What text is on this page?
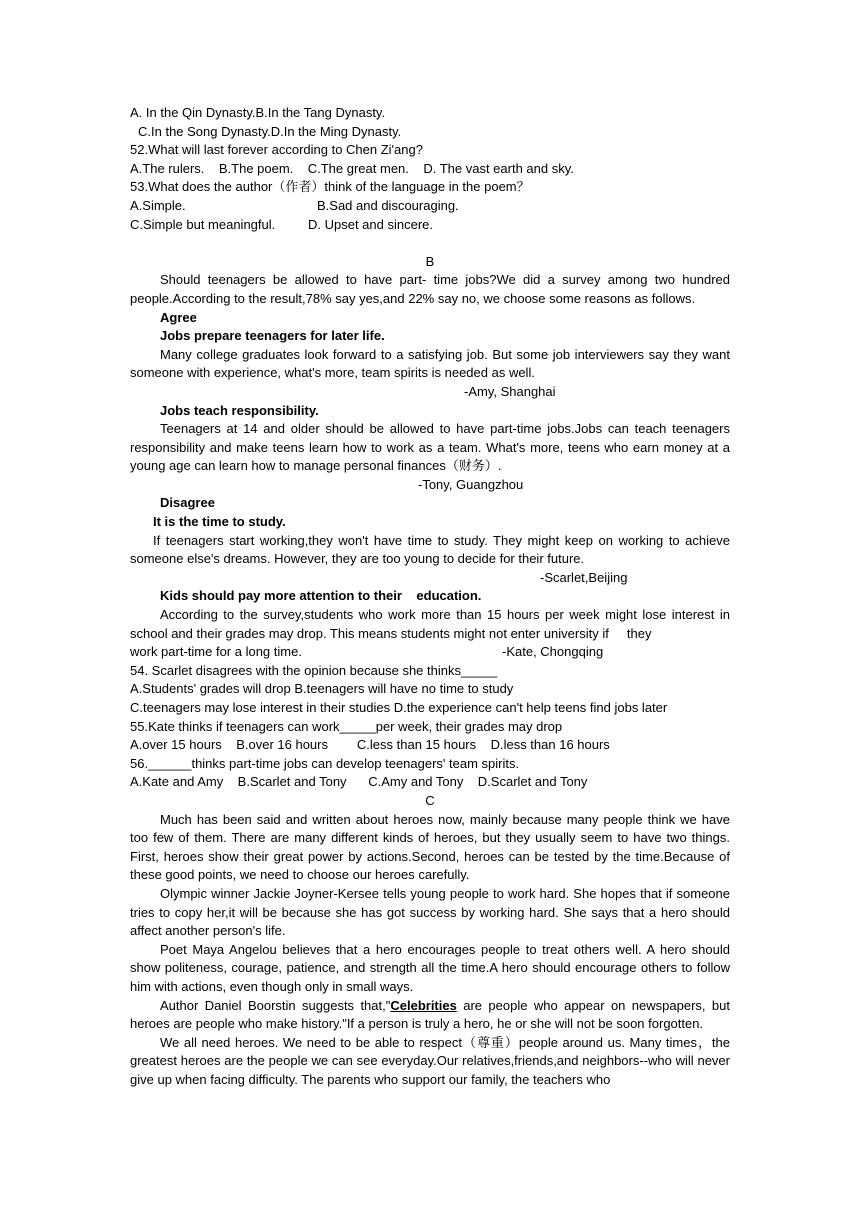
A. In the Qin Dynasty.B.In the Tang Dynasty.
C.In the Song Dynasty.D.In the Ming Dynasty.
52.What will last forever according to Chen Zi'ang?
A.The rulers.    B.The poem.    C.The great men.    D. The vast earth and sky.
53.What does the author（作者）think of the language in the poem？
A.Simple.	B.Sad and discouraging.
C.Simple but meaningful.	D. Upset and sincere.
B
Should teenagers be allowed to have part- time jobs?We did a survey among two hundred people.According to the result,78% say yes,and 22% say no, we choose some reasons as follows.
Agree
Jobs prepare teenagers for later life.
Many college graduates look forward to a satisfying job. But some job interviewers say they want someone with experience, what's more, team spirits is needed as well.
-Amy, Shanghai
Jobs teach responsibility.
Teenagers at 14 and older should be allowed to have part-time jobs.Jobs can teach teenagers responsibility and make teens learn how to work as a team. What's more, teens who earn money at a young age can learn how to manage personal finances（财务）.
-Tony, Guangzhou
Disagree
It is the time to study.
If teenagers start working,they won't have time to study. They might keep on working to achieve someone else's dreams. However, they are too young to decide for their future.
-Scarlet,Beijing
Kids should pay more attention to their    education.
According to the survey,students who work more than 15 hours per week might lose interest in school and their grades may drop. This means students might not enter university if     they
work part-time for a long time.	-Kate, Chongqing
54. Scarlet disagrees with the opinion because she thinks_____
A.Students' grades will drop B.teenagers will have no time to study
C.teenagers may lose interest in their studies D.the experience can't help teens find jobs later
55.Kate thinks if teenagers can work_____per week, their grades may drop
A.over 15 hours    B.over 16 hours        C.less than 15 hours    D.less than 16 hours
56.______thinks part-time jobs can develop teenagers' team spirits.
A.Kate and Amy    B.Scarlet and Tony      C.Amy and Tony    D.Scarlet and Tony
C
Much has been said and written about heroes now, mainly because many people think we have too few of them. There are many different kinds of heroes, but they usually seem to have two things. First, heroes show their great power by actions.Second, heroes can be tested by the time.Because of these good points, we need to choose our heroes carefully.
Olympic winner Jackie Joyner-Kersee tells young people to work hard. She hopes that if someone tries to copy her,it will be because she has got success by working hard. She says that a hero should affect another person's life.
Poet Maya Angelou believes that a hero encourages people to treat others well. A hero should show politeness, courage, patience, and strength all the time.A hero should encourage others to follow him with actions, even though only in small ways.
Author Daniel Boorstin suggests that,"Celebrities are people who appear on newspapers, but heroes are people who make history."If a person is truly a hero, he or she will not be soon forgotten.
We all need heroes. We need to be able to respect（尊重）people around us. Many times，the greatest heroes are the people we can see everyday.Our relatives,friends,and neighbors--who will never give up when facing difficulty. The parents who support our family, the teachers who
